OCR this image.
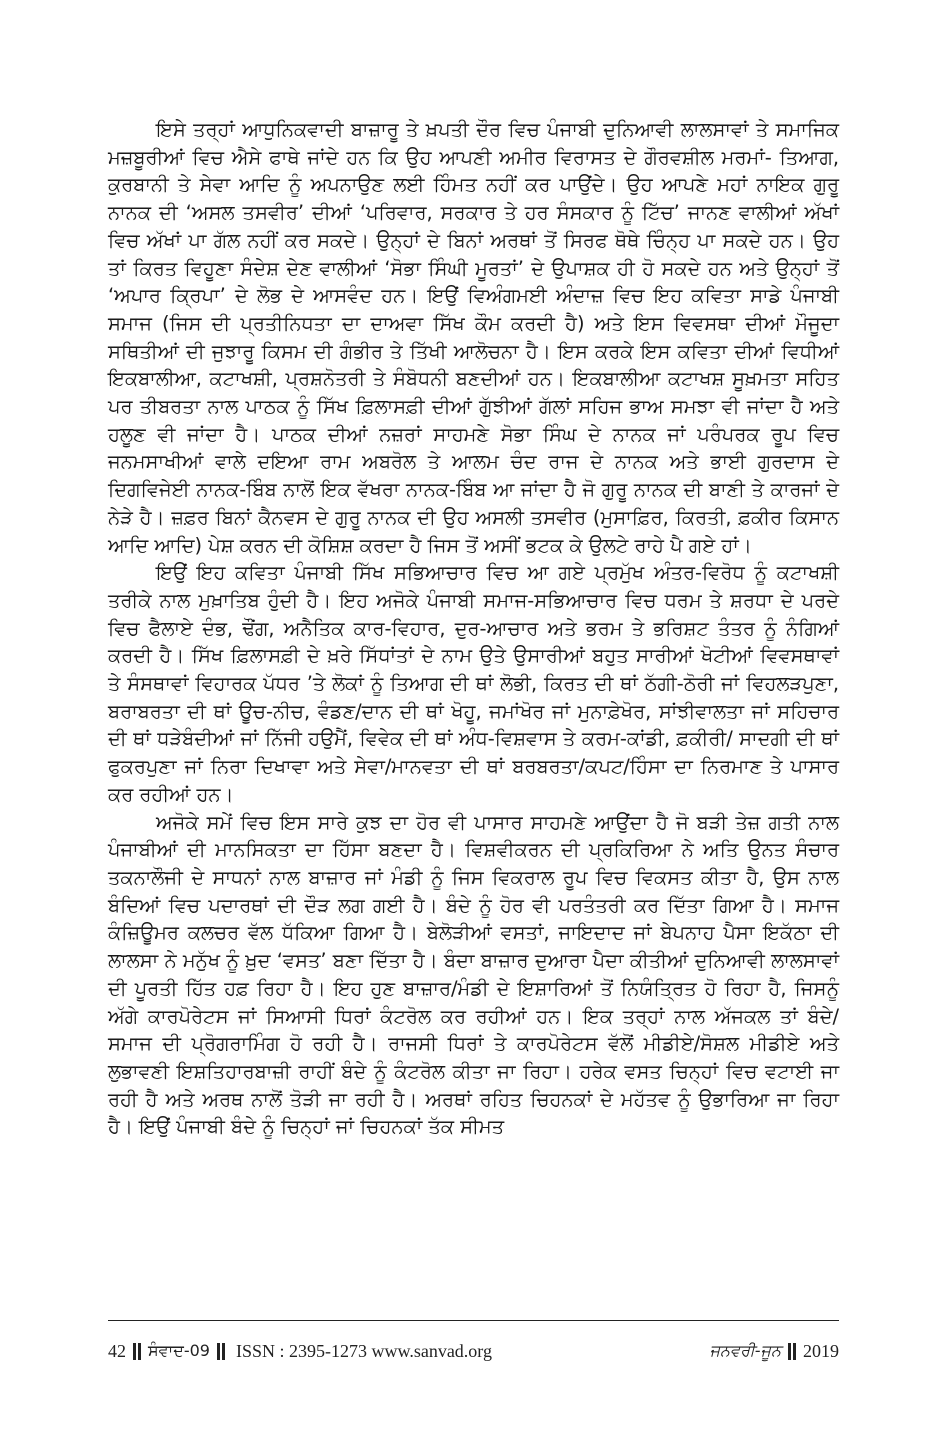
ਇਸੇ ਤਰ੍ਹਾਂ ਆਧੁਨਿਕਵਾਦੀ ਬਾਜ਼ਾਰੂ ਤੇ ਖ਼ਪਤੀ ਦੌਰ ਵਿਚ ਪੰਜਾਬੀ ਦੁਨਿਆਵੀ ਲਾਲਸਾਵਾਂ ਤੇ ਸਮਾਜਿਕ ਮਜ਼ਬੂਰੀਆਂ ਵਿਚ ਐਸੇ ਫਾਥੇ ਜਾਂਦੇ ਹਨ ਕਿ ਉਹ ਆਪਣੀ ਅਮੀਰ ਵਿਰਾਸਤ ਦੇ ਗੌਰਵਸ਼ੀਲ ਮਰਮਾਂ- ਤਿਆਗ, ਕੁਰਬਾਨੀ ਤੇ ਸੇਵਾ ਆਦਿ ਨੂੰ ਅਪਨਾਉਣ ਲਈ ਹਿੰਮਤ ਨਹੀਂ ਕਰ ਪਾਉਂਦੇ। ਉਹ ਆਪਣੇ ਮਹਾਂ ਨਾਇਕ ਗੁਰੂ ਨਾਨਕ ਦੀ ‘ਅਸਲ ਤਸਵੀਰ’ ਦੀਆਂ ‘ਪਰਿਵਾਰ, ਸਰਕਾਰ ਤੇ ਹਰ ਸੰਸਕਾਰ ਨੂੰ ਟਿੱਚ’ ਜਾਨਣ ਵਾਲੀਆਂ ਅੱਖਾਂ ਵਿਚ ਅੱਖਾਂ ਪਾ ਗੱਲ ਨਹੀਂ ਕਰ ਸਕਦੇ। ਉਨ੍ਹਾਂ ਦੇ ਬਿਨਾਂ ਅਰਥਾਂ ਤੋਂ ਸਿਰਫ ਥੋਥੇ ਚਿੰਨ੍ਹ ਪਾ ਸਕਦੇ ਹਨ। ਉਹ ਤਾਂ ਕਿਰਤ ਵਿਹੂਣਾ ਸੰਦੇਸ਼ ਦੇਣ ਵਾਲੀਆਂ ‘ਸੋਭਾ ਸਿੰਘੀ ਮੂਰਤਾਂ’ ਦੇ ਉਪਾਸ਼ਕ ਹੀ ਹੋ ਸਕਦੇ ਹਨ ਅਤੇ ਉਨ੍ਹਾਂ ਤੋਂ ‘ਅਪਾਰ ਕ੍ਰਿਪਾ’ ਦੇ ਲੋਭ ਦੇ ਆਸਵੰਦ ਹਨ। ਇਉਂ ਵਿਅੰਗਮਈ ਅੰਦਾਜ਼ ਵਿਚ ਇਹ ਕਵਿਤਾ ਸਾਡੇ ਪੰਜਾਬੀ ਸਮਾਜ (ਜਿਸ ਦੀ ਪ੍ਰਤੀਨਿਧਤਾ ਦਾ ਦਾਅਵਾ ਸਿੱਖ ਕੌਮ ਕਰਦੀ ਹੈ) ਅਤੇ ਇਸ ਵਿਵਸਥਾ ਦੀਆਂ ਮੌਜੂਦਾ ਸਥਿਤੀਆਂ ਦੀ ਜੁਝਾਰੂ ਕਿਸਮ ਦੀ ਗੰਭੀਰ ਤੇ ਤਿੱਖੀ ਆਲੋਚਨਾ ਹੈ। ਇਸ ਕਰਕੇ ਇਸ ਕਵਿਤਾ ਦੀਆਂ ਵਿਧੀਆਂ ਇਕਬਾਲੀਆ, ਕਟਾਖਸ਼ੀ, ਪ੍ਰਸ਼ਨੋਤਰੀ ਤੇ ਸੰਬੋਧਨੀ ਬਣਦੀਆਂ ਹਨ। ਇਕਬਾਲੀਆ ਕਟਾਖਸ਼ ਸੂਖ਼ਮਤਾ ਸਹਿਤ ਪਰ ਤੀਬਰਤਾ ਨਾਲ ਪਾਠਕ ਨੂੰ ਸਿੱਖ ਫ਼ਿਲਾਸਫ਼ੀ ਦੀਆਂ ਗੁੱਝੀਆਂ ਗੱਲਾਂ ਸਹਿਜ ਭਾਅ ਸਮਝਾ ਵੀ ਜਾਂਦਾ ਹੈ ਅਤੇ ਹਲੂਣ ਵੀ ਜਾਂਦਾ ਹੈ। ਪਾਠਕ ਦੀਆਂ ਨਜ਼ਰਾਂ ਸਾਹਮਣੇ ਸੋਭਾ ਸਿੰਘ ਦੇ ਨਾਨਕ ਜਾਂ ਪਰੰਪਰਕ ਰੂਪ ਵਿਚ ਜਨਮਸਾਖੀਆਂ ਵਾਲੇ ਦਇਆ ਰਾਮ ਅਬਰੋਲ ਤੇ ਆਲਮ ਚੰਦ ਰਾਜ ਦੇ ਨਾਨਕ ਅਤੇ ਭਾਈ ਗੁਰਦਾਸ ਦੇ ਦਿਗਵਿਜੇਈ ਨਾਨਕ-ਬਿੰਬ ਨਾਲੋਂ ਇਕ ਵੱਖਰਾ ਨਾਨਕ-ਬਿੰਬ ਆ ਜਾਂਦਾ ਹੈ ਜੋ ਗੁਰੂ ਨਾਨਕ ਦੀ ਬਾਣੀ ਤੇ ਕਾਰਜਾਂ ਦੇ ਨੇੜੇ ਹੈ। ਜ਼ਫ਼ਰ ਬਿਨਾਂ ਕੈਨਵਸ ਦੇ ਗੁਰੂ ਨਾਨਕ ਦੀ ਉਹ ਅਸਲੀ ਤਸਵੀਰ (ਮੁਸਾਫ਼ਿਰ, ਕਿਰਤੀ, ਫ਼ਕੀਰ ਕਿਸਾਨ ਆਦਿ ਆਦਿ) ਪੇਸ਼ ਕਰਨ ਦੀ ਕੋਸ਼ਿਸ਼ ਕਰਦਾ ਹੈ ਜਿਸ ਤੋਂ ਅਸੀਂ ਭਟਕ ਕੇ ਉਲਟੇ ਰਾਹੇ ਪੈ ਗਏ ਹਾਂ।

ਇਉਂ ਇਹ ਕਵਿਤਾ ਪੰਜਾਬੀ ਸਿੱਖ ਸਭਿਆਚਾਰ ਵਿਚ ਆ ਗਏ ਪ੍ਰਮੁੱਖ ਅੰਤਰ-ਵਿਰੋਧ ਨੂੰ ਕਟਾਖਸ਼ੀ ਤਰੀਕੇ ਨਾਲ ਮੁਖ਼ਾਤਿਬ ਹੁੰਦੀ ਹੈ। ਇਹ ਅਜੋਕੇ ਪੰਜਾਬੀ ਸਮਾਜ-ਸਭਿਆਚਾਰ ਵਿਚ ਧਰਮ ਤੇ ਸ਼ਰਧਾ ਦੇ ਪਰਦੇ ਵਿਚ ਫੈਲਾਏ ਦੰਭ, ਢੌਂਗ, ਅਨੈਤਿਕ ਕਾਰ-ਵਿਹਾਰ, ਦੁਰ-ਆਚਾਰ ਅਤੇ ਭਰਮ ਤੇ ਭਰਿਸ਼ਟ ਤੰਤਰ ਨੂੰ ਨੰਗਿਆਂ ਕਰਦੀ ਹੈ। ਸਿੱਖ ਫ਼ਿਲਾਸਫ਼ੀ ਦੇ ਖ਼ਰੇ ਸਿੱਧਾਂਤਾਂ ਦੇ ਨਾਮ ਉਤੇ ਉਸਾਰੀਆਂ ਬਹੁਤ ਸਾਰੀਆਂ ਖੋਟੀਆਂ ਵਿਵਸਥਾਵਾਂ ਤੇ ਸੰਸਥਾਵਾਂ ਵਿਹਾਰਕ ਪੱਧਰ ’ਤੇ ਲੋਕਾਂ ਨੂੰ ਤਿਆਗ ਦੀ ਥਾਂ ਲੋਭੀ, ਕਿਰਤ ਦੀ ਥਾਂ ਠੱਗੀ-ਠੋਰੀ ਜਾਂ ਵਿਹਲੜਪੁਣਾ, ਬਰਾਬਰਤਾ ਦੀ ਥਾਂ ਊਚ-ਨੀਚ, ਵੰਡਣ/ਦਾਨ ਦੀ ਥਾਂ ਖੋਹੂ, ਜਮਾਂਖੋਰ ਜਾਂ ਮੁਨਾਫ਼ੇਖੋਰ, ਸਾਂਝੀਵਾਲਤਾ ਜਾਂ ਸਹਿਚਾਰ ਦੀ ਥਾਂ ਧੜੇਬੰਦੀਆਂ ਜਾਂ ਨਿੱਜੀ ਹਉਮੈਂ, ਵਿਵੇਕ ਦੀ ਥਾਂ ਅੰਧ-ਵਿਸ਼ਵਾਸ ਤੇ ਕਰਮ-ਕਾਂਡੀ, ਫ਼ਕੀਰੀ/ ਸਾਦਗੀ ਦੀ ਥਾਂ ਫੁਕਰਪੁਣਾ ਜਾਂ ਨਿਰਾ ਦਿਖਾਵਾ ਅਤੇ ਸੇਵਾ/ਮਾਨਵਤਾ ਦੀ ਥਾਂ ਬਰਬਰਤਾ/ਕਪਟ/ਹਿੰਸਾ ਦਾ ਨਿਰਮਾਣ ਤੇ ਪਾਸਾਰ ਕਰ ਰਹੀਆਂ ਹਨ।

ਅਜੋਕੇ ਸਮੇਂ ਵਿਚ ਇਸ ਸਾਰੇ ਕੁਝ ਦਾ ਹੋਰ ਵੀ ਪਾਸਾਰ ਸਾਹਮਣੇ ਆਉਂਦਾ ਹੈ ਜੋ ਬੜੀ ਤੇਜ਼ ਗਤੀ ਨਾਲ ਪੰਜਾਬੀਆਂ ਦੀ ਮਾਨਸਿਕਤਾ ਦਾ ਹਿੱਸਾ ਬਣਦਾ ਹੈ। ਵਿਸ਼ਵੀਕਰਨ ਦੀ ਪ੍ਰਕਿਰਿਆ ਨੇ ਅਤਿ ਉਨਤ ਸੰਚਾਰ ਤਕਨਾਲੌਜੀ ਦੇ ਸਾਧਨਾਂ ਨਾਲ ਬਾਜ਼ਾਰ ਜਾਂ ਮੰਡੀ ਨੂੰ ਜਿਸ ਵਿਕਰਾਲ ਰੂਪ ਵਿਚ ਵਿਕਸਤ ਕੀਤਾ ਹੈ, ਉਸ ਨਾਲ ਬੰਦਿਆਂ ਵਿਚ ਪਦਾਰਥਾਂ ਦੀ ਦੌੜ ਲਗ ਗਈ ਹੈ। ਬੰਦੇ ਨੂੰ ਹੋਰ ਵੀ ਪਰਤੰਤਰੀ ਕਰ ਦਿੱਤਾ ਗਿਆ ਹੈ। ਸਮਾਜ ਕੰਜ਼ਿਊਮਰ ਕਲਚਰ ਵੱਲ ਧੱਕਿਆ ਗਿਆ ਹੈ। ਬੇਲੋੜੀਆਂ ਵਸਤਾਂ, ਜਾਇਦਾਦ ਜਾਂ ਬੇਪਨਾਹ ਪੈਸਾ ਇਕੱਠਾ ਦੀ ਲਾਲਸਾ ਨੇ ਮਨੁੱਖ ਨੂੰ ਖ਼ੁਦ ‘ਵਸਤ’ ਬਣਾ ਦਿੱਤਾ ਹੈ। ਬੰਦਾ ਬਾਜ਼ਾਰ ਦੁਆਰਾ ਪੈਦਾ ਕੀਤੀਆਂ ਦੁਨਿਆਵੀ ਲਾਲਸਾਵਾਂ ਦੀ ਪੂਰਤੀ ਹਿੱਤ ਹਫ਼ ਰਿਹਾ ਹੈ। ਇਹ ਹੁਣ ਬਾਜ਼ਾਰ/ਮੰਡੀ ਦੇ ਇਸ਼ਾਰਿਆਂ ਤੋਂ ਨਿਯੰਤ੍ਰਿਤ ਹੋ ਰਿਹਾ ਹੈ, ਜਿਸਨੂੰ ਅੱਗੇ ਕਾਰਪੋਰੇਟਸ ਜਾਂ ਸਿਆਸੀ ਧਿਰਾਂ ਕੰਟਰੋਲ ਕਰ ਰਹੀਆਂ ਹਨ। ਇਕ ਤਰ੍ਹਾਂ ਨਾਲ ਅੱਜਕਲ ਤਾਂ ਬੰਦੇ/ ਸਮਾਜ ਦੀ ਪ੍ਰੋਗਰਾਮਿੰਗ ਹੋ ਰਹੀ ਹੈ। ਰਾਜਸੀ ਧਿਰਾਂ ਤੇ ਕਾਰਪੋਰੇਟਸ ਵੱਲੋਂ ਮੀਡੀਏ/ਸੋਸ਼ਲ ਮੀਡੀਏ ਅਤੇ ਲੁਭਾਵਣੀ ਇਸ਼ਤਿਹਾਰਬਾਜ਼ੀ ਰਾਹੀਂ ਬੰਦੇ ਨੂੰ ਕੰਟਰੋਲ ਕੀਤਾ ਜਾ ਰਿਹਾ। ਹਰੇਕ ਵਸਤ ਚਿਨ੍ਹਾਂ ਵਿਚ ਵਟਾਈ ਜਾ ਰਹੀ ਹੈ ਅਤੇ ਅਰਥ ਨਾਲੋਂ ਤੋੜੀ ਜਾ ਰਹੀ ਹੈ। ਅਰਥਾਂ ਰਹਿਤ ਚਿਹਨਕਾਂ ਦੇ ਮਹੱਤਵ ਨੂੰ ਉਭਾਰਿਆ ਜਾ ਰਿਹਾ ਹੈ। ਇਉਂ ਪੰਜਾਬੀ ਬੰਦੇ ਨੂੰ ਚਿਨ੍ਹਾਂ ਜਾਂ ਚਿਹਨਕਾਂ ਤੱਕ ਸੀਮਤ

42 ਸੰਵਾਦ-09 ISSN : 2395-1273 www.sanvad.org	ਜਨਵਰੀ-ਜੂਨ 2019
